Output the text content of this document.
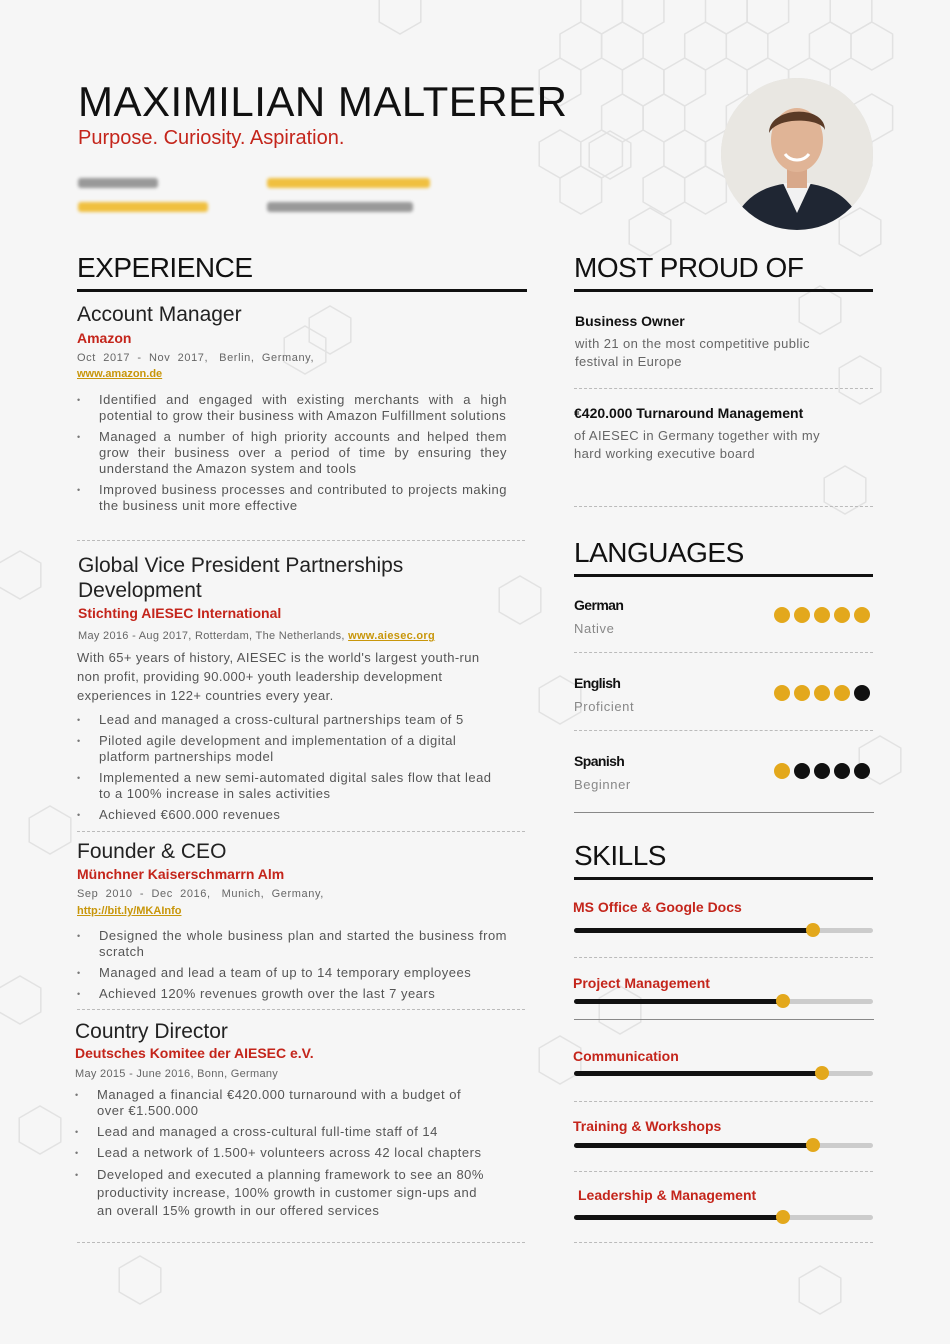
MAXIMILIAN MALTERER
Purpose. Curiosity. Aspiration.
EXPERIENCE
Account Manager
Amazon
Oct  2017  -  Nov  2017,   Berlin,  Germany,
www.amazon.de
• Identified and engaged with existing merchants with a high potential to grow their business with Amazon Fulfillment solutions
• Managed a number of high priority accounts and helped them grow their business over a period of time by ensuring they understand the Amazon system and tools
• Improved business processes and contributed to projects making the business unit more effective
Global Vice President Partnerships Development
Stichting AIESEC International
May 2016 - Aug 2017, Rotterdam, The Netherlands, www.aiesec.org
With 65+ years of history, AIESEC is the world's largest youth-run non profit, providing 90.000+ youth leadership development experiences in 122+ countries every year.
• Lead and managed a cross-cultural partnerships team of 5
• Piloted agile development and implementation of a digital platform partnerships model
• Implemented a new semi-automated digital sales flow that lead to a 100% increase in sales activities
• Achieved €600.000 revenues
Founder & CEO
Münchner Kaiserschmarrn Alm
Sep  2010  -  Dec  2016,   Munich,  Germany,
http://bit.ly/MKAInfo
• Designed the whole business plan and started the business from scratch
• Managed and lead a team of up to 14 temporary employees
• Achieved 120% revenues growth over the last 7 years
Country Director
Deutsches Komitee der AIESEC e.V.
May 2015 - June 2016, Bonn, Germany
• Managed a financial €420.000 turnaround with a budget of over €1.500.000
• Lead and managed a cross-cultural full-time staff of 14
• Lead a network of 1.500+ volunteers across 42 local chapters
• Developed and executed a planning framework to see an 80% productivity increase, 100% growth in customer sign-ups and an overall 15% growth in our offered services
MOST PROUD OF
Business Owner
with 21 on the most competitive public festival in Europe
€420.000 Turnaround Management
of AIESEC in Germany together with my hard working executive board
LANGUAGES
German
Native
English
Proficient
Spanish
Beginner
SKILLS
MS Office & Google Docs
Project Management
Communication
Training & Workshops
Leadership & Management
